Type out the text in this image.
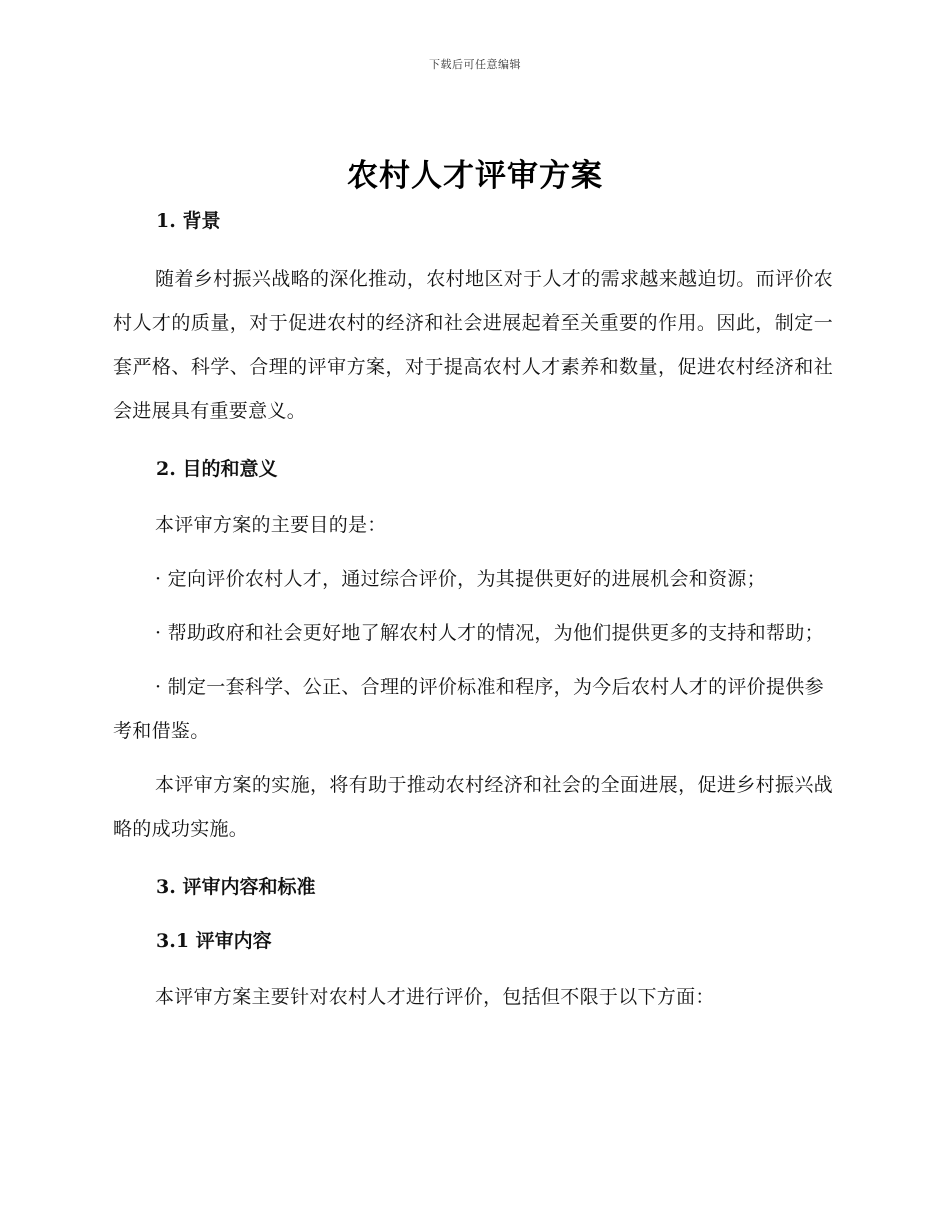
下载后可任意编辑
农村人才评审方案

1. 背景

随着乡村振兴战略的深化推动，农村地区对于人才的需求越来越迫切。而评价农村人才的质量，对于促进农村的经济和社会进展起着至关重要的作用。因此，制定一套严格、科学、合理的评审方案，对于提高农村人才素养和数量，促进农村经济和社会进展具有重要意义。

2. 目的和意义

本评审方案的主要目的是：

· 定向评价农村人才，通过综合评价，为其提供更好的进展机会和资源；

· 帮助政府和社会更好地了解农村人才的情况，为他们提供更多的支持和帮助；

· 制定一套科学、公正、合理的评价标准和程序，为今后农村人才的评价提供参考和借鉴。

本评审方案的实施，将有助于推动农村经济和社会的全面进展，促进乡村振兴战略的成功实施。

3. 评审内容和标准

3.1 评审内容

本评审方案主要针对农村人才进行评价，包括但不限于以下方面：
